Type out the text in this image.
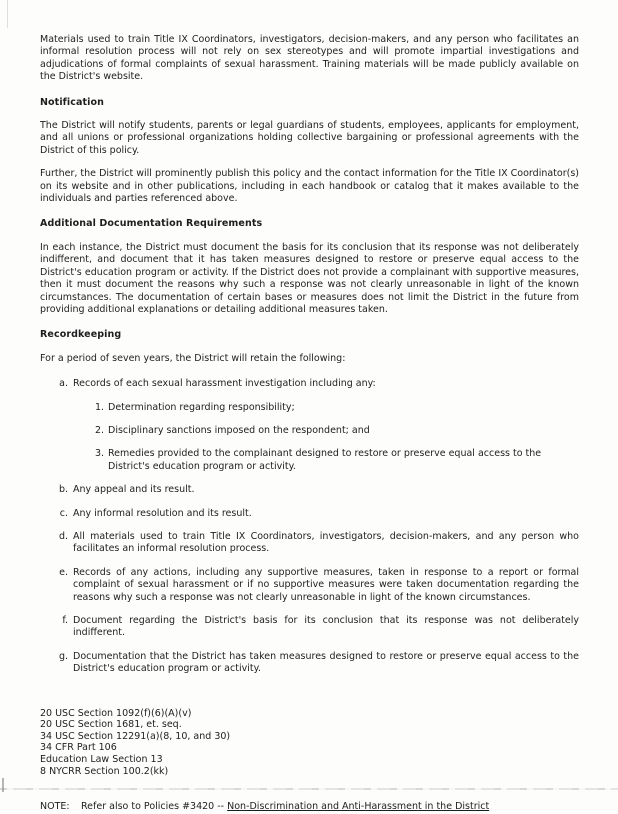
Materials used to train Title IX Coordinators, investigators, decision-makers, and any person who facilitates an informal resolution process will not rely on sex stereotypes and will promote impartial investigations and adjudications of formal complaints of sexual harassment. Training materials will be made publicly available on the District's website.

Notification

The District will notify students, parents or legal guardians of students, employees, applicants for employment, and all unions or professional organizations holding collective bargaining or professional agreements with the District of this policy.

Further, the District will prominently publish this policy and the contact information for the Title IX Coordinator(s) on its website and in other publications, including in each handbook or catalog that it makes available to the individuals and parties referenced above.

Additional Documentation Requirements

In each instance, the District must document the basis for its conclusion that its response was not deliberately indifferent, and document that it has taken measures designed to restore or preserve equal access to the District's education program or activity. If the District does not provide a complainant with supportive measures, then it must document the reasons why such a response was not clearly unreasonable in light of the known circumstances. The documentation of certain bases or measures does not limit the District in the future from providing additional explanations or detailing additional measures taken.

Recordkeeping

For a period of seven years, the District will retain the following:

a. Records of each sexual harassment investigation including any:
1. Determination regarding responsibility;
2. Disciplinary sanctions imposed on the respondent; and
3. Remedies provided to the complainant designed to restore or preserve equal access to the District's education program or activity.
b. Any appeal and its result.
c. Any informal resolution and its result.
d. All materials used to train Title IX Coordinators, investigators, decision-makers, and any person who facilitates an informal resolution process.
e. Records of any actions, including any supportive measures, taken in response to a report or formal complaint of sexual harassment or if no supportive measures were taken documentation regarding the reasons why such a response was not clearly unreasonable in light of the known circumstances.
f. Document regarding the District's basis for its conclusion that its response was not deliberately indifferent.
g. Documentation that the District has taken measures designed to restore or preserve equal access to the District's education program or activity.
20 USC Section 1092(f)(6)(A)(v)
20 USC Section 1681, et. seq.
34 USC Section 12291(a)(8, 10, and 30)
34 CFR Part 106
Education Law Section 13
8 NYCRR Section 100.2(kk)
NOTE:	Refer also to Policies #3420 -- Non-Discrimination and Anti-Harassment in the District
